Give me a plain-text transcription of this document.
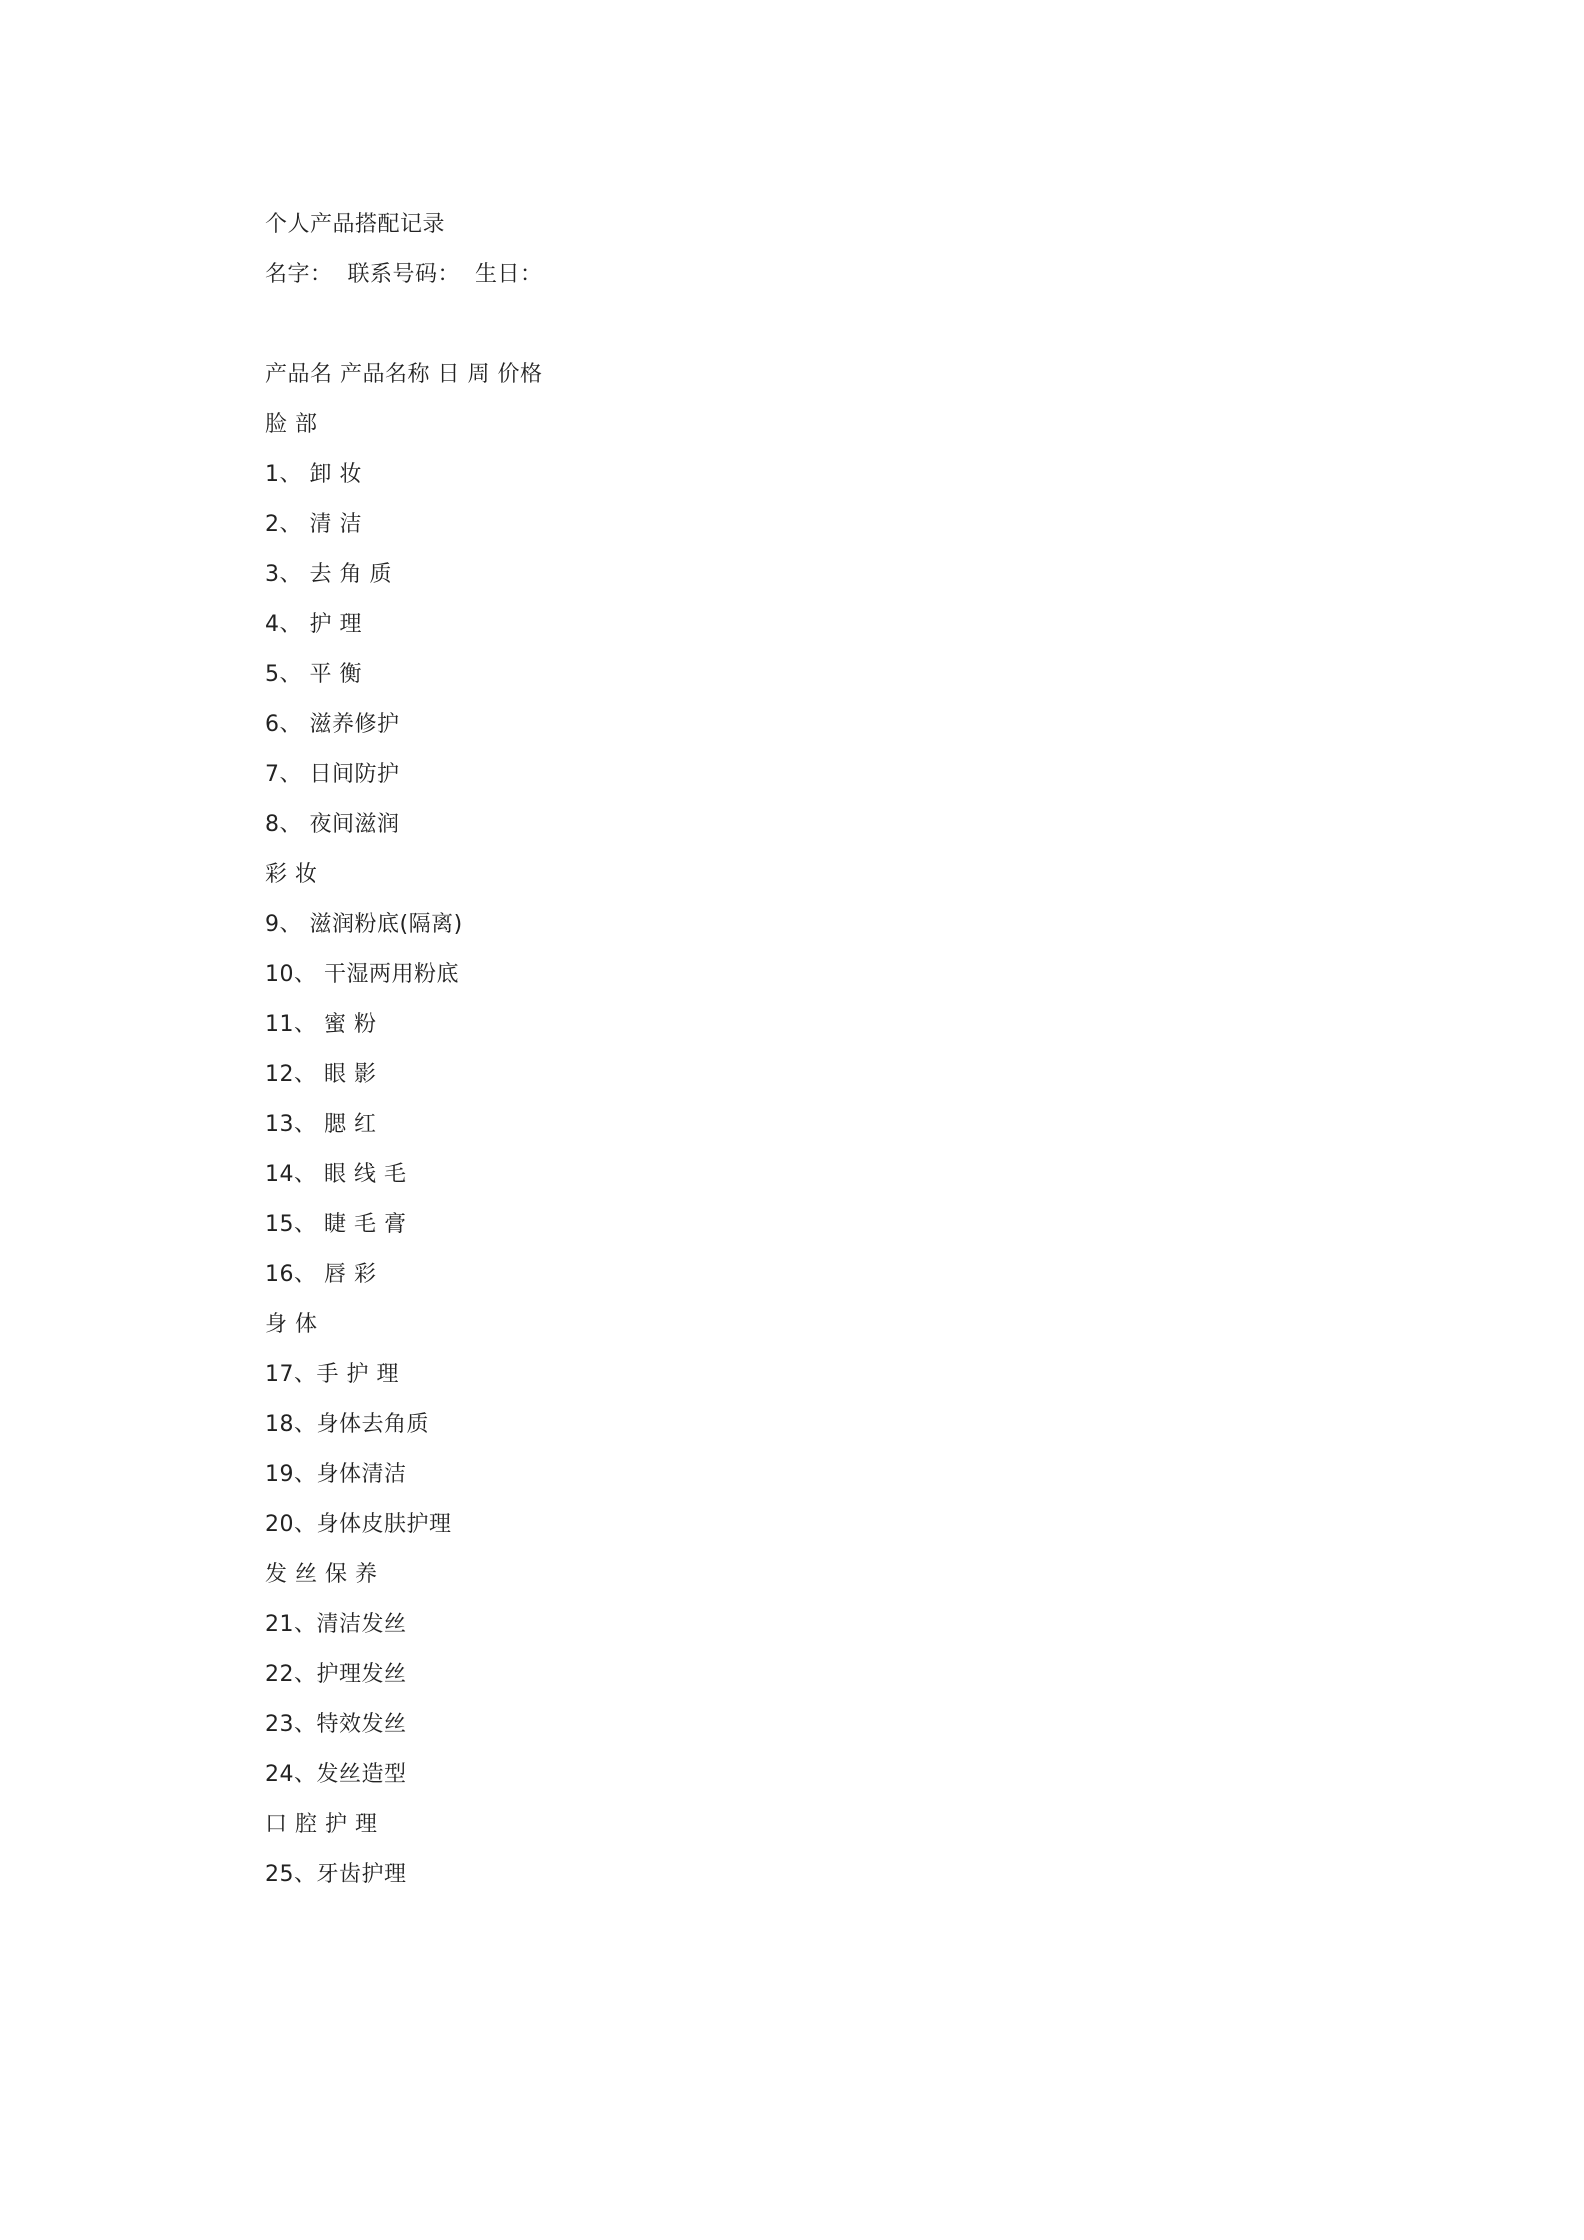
个人产品搭配记录
名字：  联系号码：  生日：
产品名 产品名称 日 周 价格
脸 部
1、 卸 妆
2、 清 洁
3、 去 角 质
4、 护 理
5、 平 衡
6、 滋养修护
7、 日间防护
8、 夜间滋润
彩 妆
9、 滋润粉底(隔离)
10、 干湿两用粉底
11、 蜜 粉
12、 眼 影
13、 腮 红
14、 眼 线 毛
15、 睫 毛 膏
16、 唇 彩
身 体
17、手 护 理
18、身体去角质
19、身体清洁
20、身体皮肤护理
发 丝 保 养
21、清洁发丝
22、护理发丝
23、特效发丝
24、发丝造型
口 腔 护 理
25、牙齿护理
